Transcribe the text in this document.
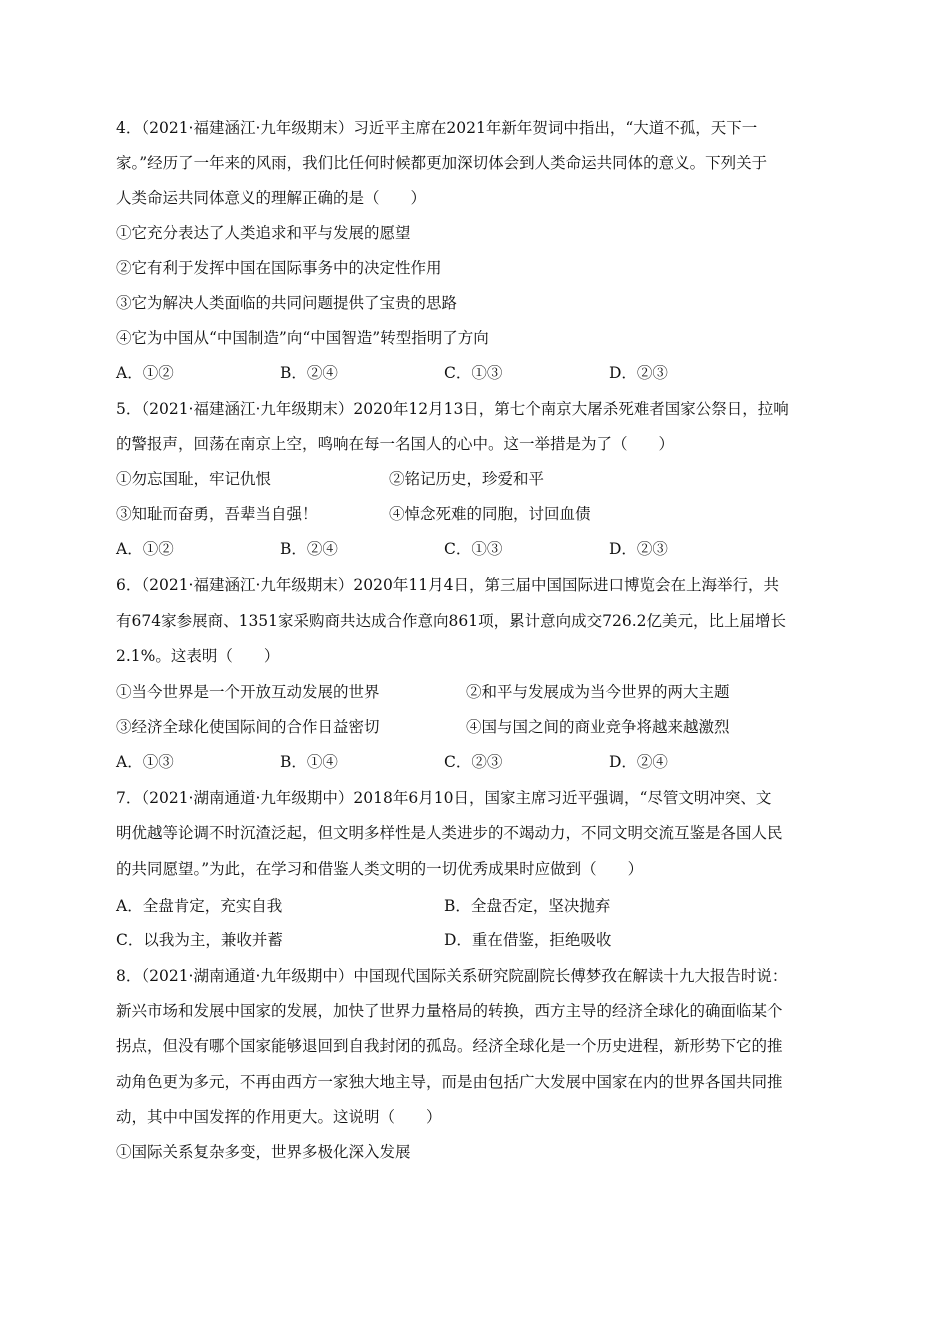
4．（2021·福建涵江·九年级期末）习近平主席在2021年新年贺词中指出，“大道不孤，天下一
家。”经历了一年来的风雨，我们比任何时候都更加深切体会到人类命运共同体的意义。下列关于
人类命运共同体意义的理解正确的是（　　）
①它充分表达了人类追求和平与发展的愿望
②它有利于发挥中国在国际事务中的决定性作用
③它为解决人类面临的共同问题提供了宝贵的思路
④它为中国从“中国制造”向“中国智造”转型指明了方向
A．①②	B．②④	C．①③	D．②③
5．（2021·福建涵江·九年级期末）2020年12月13日，第七个南京大屠杀死难者国家公祭日，拉响
的警报声，回荡在南京上空，鸣响在每一名国人的心中。这一举措是为了（　　）
①勿忘国耻，牢记仇恨	②铭记历史，珍爱和平
③知耻而奋勇，吾辈当自强！	④悼念死难的同胞，讨回血债
A．①②	B．②④	C．①③	D．②③
6．（2021·福建涵江·九年级期末）2020年11月4日，第三届中国国际进口博览会在上海举行，共
有674家参展商、1351家采购商共达成合作意向861项，累计意向成交726.2亿美元，比上届增长
2.1%。这表明（　　）
①当今世界是一个开放互动发展的世界	②和平与发展成为当今世界的两大主题
③经济全球化使国际间的合作日益密切	④国与国之间的商业竞争将越来越激烈
A．①③	B．①④	C．②③	D．②④
7．（2021·湖南通道·九年级期中）2018年6月10日，国家主席习近平强调，“尽管文明冲突、文
明优越等论调不时沉渣泛起，但文明多样性是人类进步的不竭动力，不同文明交流互鉴是各国人民
的共同愿望。”为此，在学习和借鉴人类文明的一切优秀成果时应做到（　　）
A．全盘肯定，充实自我	B．全盘否定，坚决抛弃
C．以我为主，兼收并蓄	D．重在借鉴，拒绝吸收
8．（2021·湖南通道·九年级期中）中国现代国际关系研究院副院长傅梦孜在解读十九大报告时说：
新兴市场和发展中国家的发展，加快了世界力量格局的转换，西方主导的经济全球化的确面临某个
拐点，但没有哪个国家能够退回到自我封闭的孤岛。经济全球化是一个历史进程，新形势下它的推
动角色更为多元，不再由西方一家独大地主导，而是由包括广大发展中国家在内的世界各国共同推
动，其中中国发挥的作用更大。这说明（　　）
①国际关系复杂多变，世界多极化深入发展
